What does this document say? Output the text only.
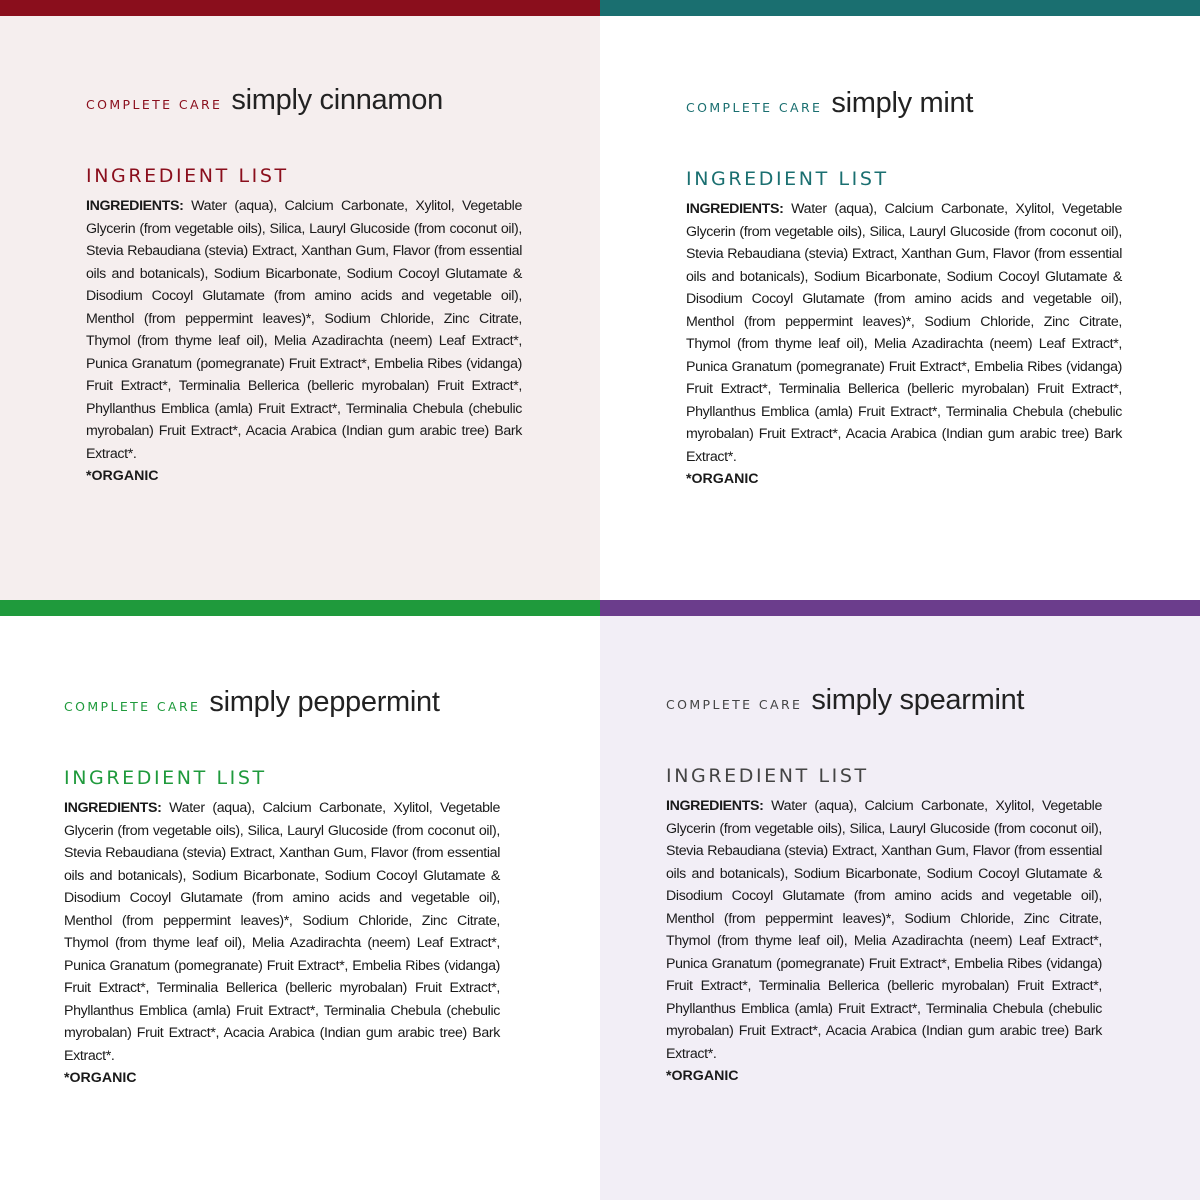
COMPLETE CARE simply cinnamon
INGREDIENT LIST
INGREDIENTS: Water (aqua), Calcium Carbonate, Xylitol, Vegetable Glycerin (from vegetable oils), Silica, Lauryl Glucoside (from coconut oil), Stevia Rebaudiana (stevia) Extract, Xanthan Gum, Flavor (from essential oils and botanicals), Sodium Bicarbonate, Sodium Cocoyl Glutamate & Disodium Cocoyl Glutamate (from amino acids and vegetable oil), Menthol (from peppermint leaves)*, Sodium Chloride, Zinc Citrate, Thymol (from thyme leaf oil), Melia Azadirachta (neem) Leaf Extract*, Punica Granatum (pomegranate) Fruit Extract*, Embelia Ribes (vidanga) Fruit Extract*, Terminalia Bellerica (belleric myrobalan) Fruit Extract*, Phyllanthus Emblica (amla) Fruit Extract*, Terminalia Chebula (chebulic myrobalan) Fruit Extract*, Acacia Arabica (Indian gum arabic tree) Bark Extract*.
*ORGANIC
COMPLETE CARE simply mint
INGREDIENT LIST
INGREDIENTS: Water (aqua), Calcium Carbonate, Xylitol, Vegetable Glycerin (from vegetable oils), Silica, Lauryl Glucoside (from coconut oil), Stevia Rebaudiana (stevia) Extract, Xanthan Gum, Flavor (from essential oils and botanicals), Sodium Bicarbonate, Sodium Cocoyl Glutamate & Disodium Cocoyl Glutamate (from amino acids and vegetable oil), Menthol (from peppermint leaves)*, Sodium Chloride, Zinc Citrate, Thymol (from thyme leaf oil), Melia Azadirachta (neem) Leaf Extract*, Punica Granatum (pomegranate) Fruit Extract*, Embelia Ribes (vidanga) Fruit Extract*, Terminalia Bellerica (belleric myrobalan) Fruit Extract*, Phyllanthus Emblica (amla) Fruit Extract*, Terminalia Chebula (chebulic myrobalan) Fruit Extract*, Acacia Arabica (Indian gum arabic tree) Bark Extract*.
*ORGANIC
COMPLETE CARE simply peppermint
INGREDIENT LIST
INGREDIENTS: Water (aqua), Calcium Carbonate, Xylitol, Vegetable Glycerin (from vegetable oils), Silica, Lauryl Glucoside (from coconut oil), Stevia Rebaudiana (stevia) Extract, Xanthan Gum, Flavor (from essential oils and botanicals), Sodium Bicarbonate, Sodium Cocoyl Glutamate & Disodium Cocoyl Glutamate (from amino acids and vegetable oil), Menthol (from peppermint leaves)*, Sodium Chloride, Zinc Citrate, Thymol (from thyme leaf oil), Melia Azadirachta (neem) Leaf Extract*, Punica Granatum (pomegranate) Fruit Extract*, Embelia Ribes (vidanga) Fruit Extract*, Terminalia Bellerica (belleric myrobalan) Fruit Extract*, Phyllanthus Emblica (amla) Fruit Extract*, Terminalia Chebula (chebulic myrobalan) Fruit Extract*, Acacia Arabica (Indian gum arabic tree) Bark Extract*.
*ORGANIC
COMPLETE CARE simply spearmint
INGREDIENT LIST
INGREDIENTS: Water (aqua), Calcium Carbonate, Xylitol, Vegetable Glycerin (from vegetable oils), Silica, Lauryl Glucoside (from coconut oil), Stevia Rebaudiana (stevia) Extract, Xanthan Gum, Flavor (from essential oils and botanicals), Sodium Bicarbonate, Sodium Cocoyl Glutamate & Disodium Cocoyl Glutamate (from amino acids and vegetable oil), Menthol (from peppermint leaves)*, Sodium Chloride, Zinc Citrate, Thymol (from thyme leaf oil), Melia Azadirachta (neem) Leaf Extract*, Punica Granatum (pomegranate) Fruit Extract*, Embelia Ribes (vidanga) Fruit Extract*, Terminalia Bellerica (belleric myrobalan) Fruit Extract*, Phyllanthus Emblica (amla) Fruit Extract*, Terminalia Chebula (chebulic myrobalan) Fruit Extract*, Acacia Arabica (Indian gum arabic tree) Bark Extract*.
*ORGANIC
